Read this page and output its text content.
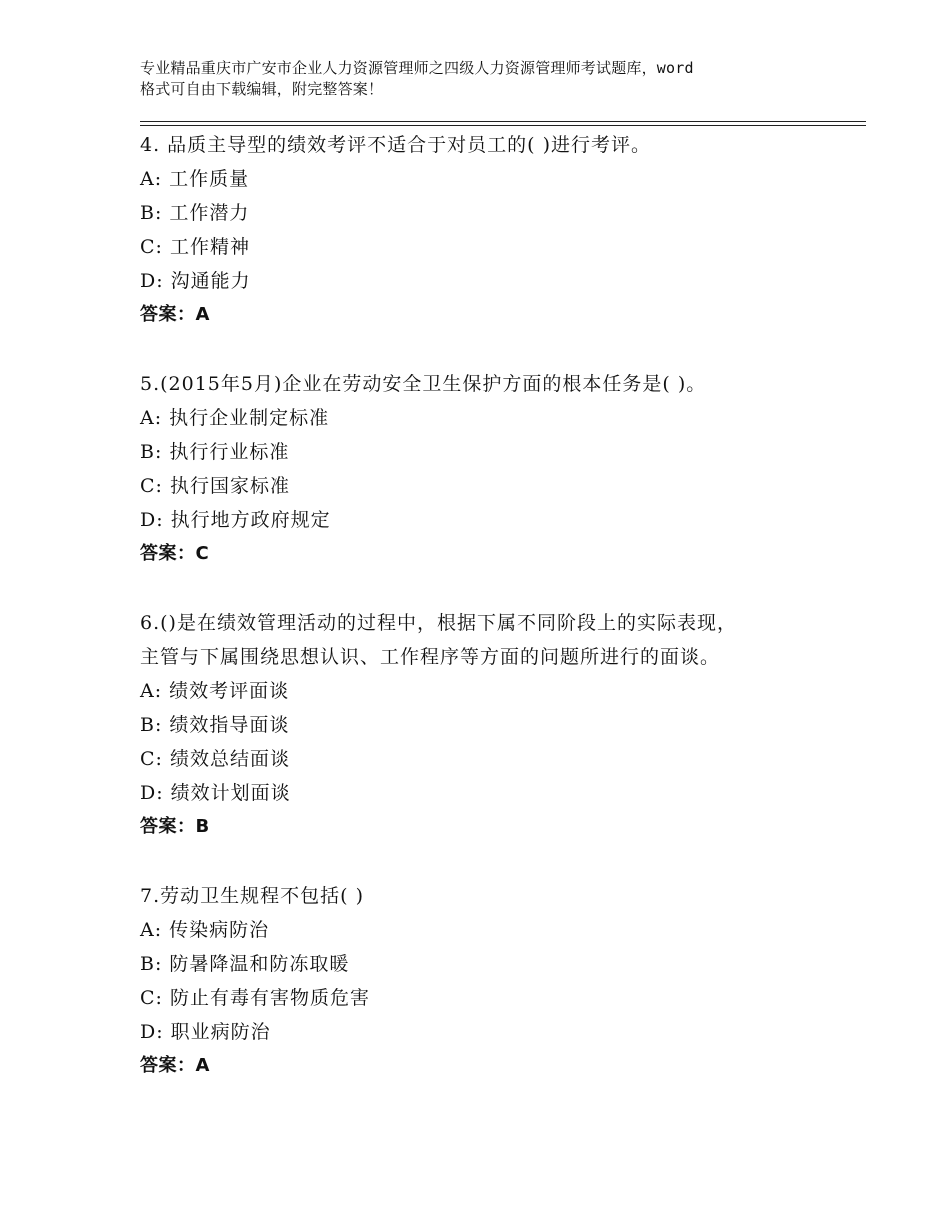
专业精品重庆市广安市企业人力资源管理师之四级人力资源管理师考试题库，word
格式可自由下载编辑，附完整答案！
4. 品质主导型的绩效考评不适合于对员工的( )进行考评。
A: 工作质量
B: 工作潜力
C: 工作精神
D: 沟通能力
答案：A
5.(2015年5月)企业在劳动安全卫生保护方面的根本任务是( )。
A: 执行企业制定标准
B: 执行行业标准
C: 执行国家标准
D: 执行地方政府规定
答案：C
6.()是在绩效管理活动的过程中，根据下属不同阶段上的实际表现，
主管与下属围绕思想认识、工作程序等方面的问题所进行的面谈。
A: 绩效考评面谈
B: 绩效指导面谈
C: 绩效总结面谈
D: 绩效计划面谈
答案：B
7.劳动卫生规程不包括( )
A: 传染病防治
B: 防暑降温和防冻取暖
C: 防止有毒有害物质危害
D: 职业病防治
答案：A
